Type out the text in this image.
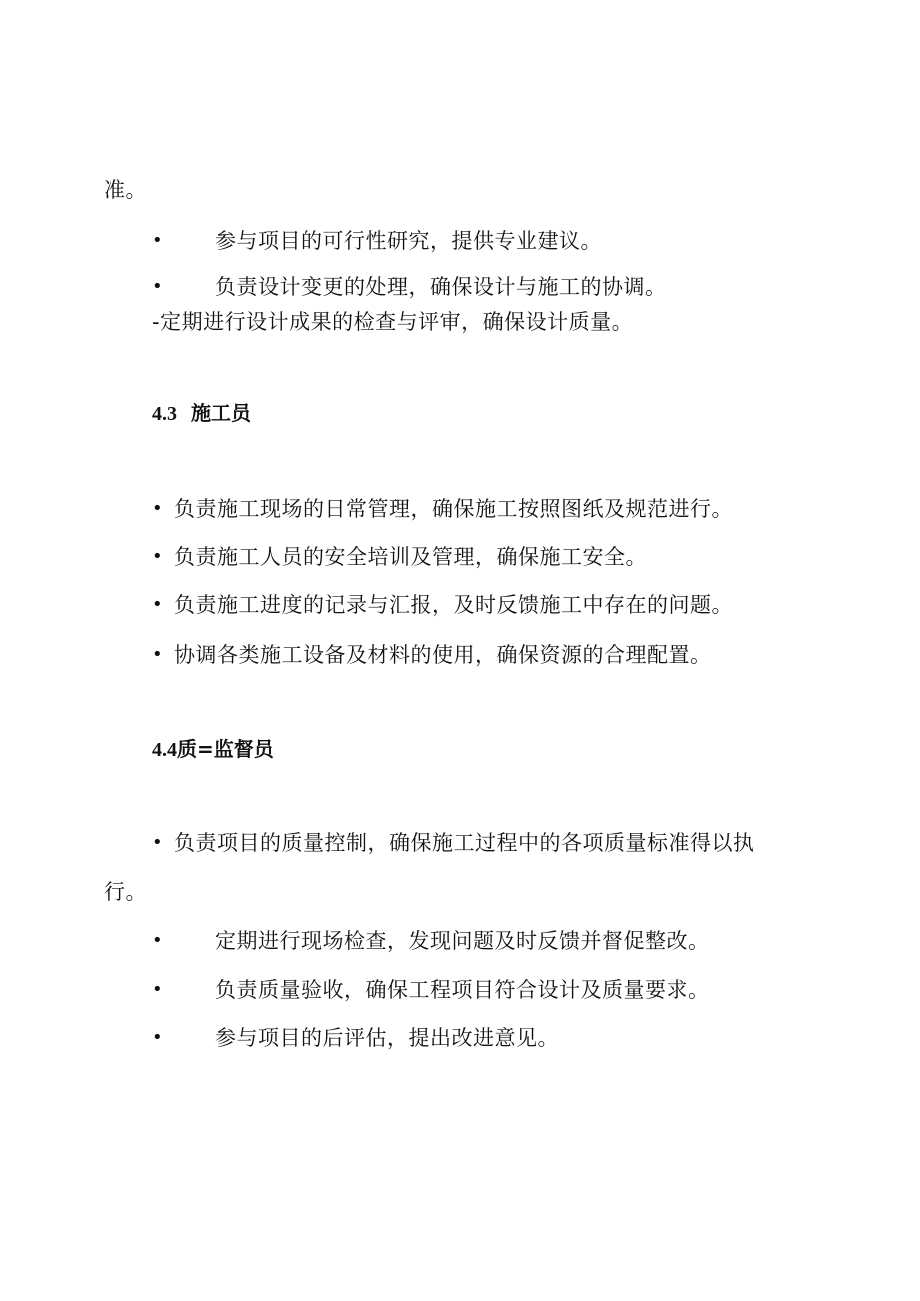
准。
• 参与项目的可行性研究，提供专业建议。
• 负责设计变更的处理，确保设计与施工的协调。
-定期进行设计成果的检查与评审，确保设计质量。
4.3 施工员
• 负责施工现场的日常管理，确保施工按照图纸及规范进行。
• 负责施工人员的安全培训及管理，确保施工安全。
• 负责施工进度的记录与汇报，及时反馈施工中存在的问题。
• 协调各类施工设备及材料的使用，确保资源的合理配置。
4.4质=监督员
• 负责项目的质量控制，确保施工过程中的各项质量标准得以执
行。
• 定期进行现场检查，发现问题及时反馈并督促整改。
• 负责质量验收，确保工程项目符合设计及质量要求。
• 参与项目的后评估，提出改进意见。
